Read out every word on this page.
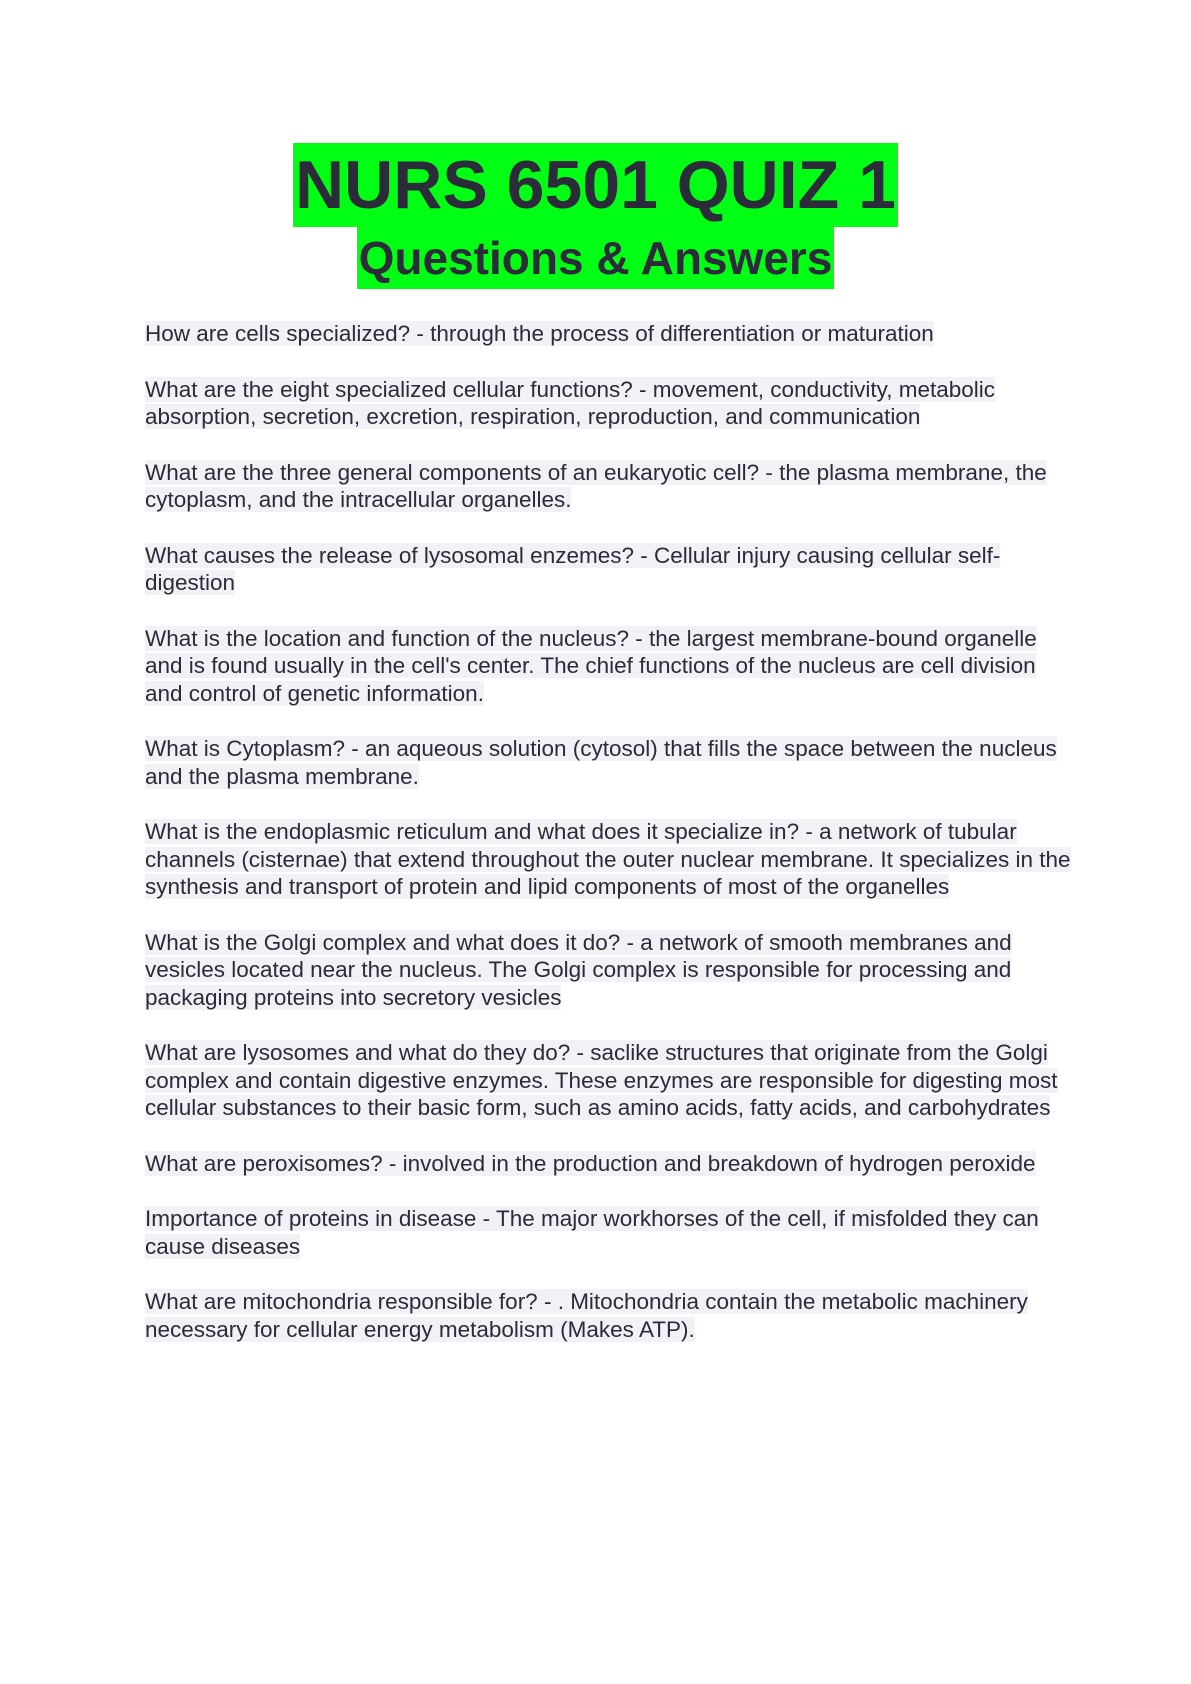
NURS 6501 QUIZ 1
Questions & Answers

How are cells specialized? - through the process of differentiation or maturation

What are the eight specialized cellular functions? - movement, conductivity, metabolic absorption, secretion, excretion, respiration, reproduction, and communication

What are the three general components of an eukaryotic cell? - the plasma membrane, the cytoplasm, and the intracellular organelles.

What causes the release of lysosomal enzemes? - Cellular injury causing cellular self-digestion

What is the location and function of the nucleus? - the largest membrane-bound organelle and is found usually in the cell's center. The chief functions of the nucleus are cell division and control of genetic information.

What is Cytoplasm? - an aqueous solution (cytosol) that fills the space between the nucleus and the plasma membrane.

What is the endoplasmic reticulum and what does it specialize in? - a network of tubular channels (cisternae) that extend throughout the outer nuclear membrane. It specializes in the synthesis and transport of protein and lipid components of most of the organelles

What is the Golgi complex and what does it do? - a network of smooth membranes and vesicles located near the nucleus. The Golgi complex is responsible for processing and packaging proteins into secretory vesicles

What are lysosomes and what do they do? - saclike structures that originate from the Golgi complex and contain digestive enzymes. These enzymes are responsible for digesting most cellular substances to their basic form, such as amino acids, fatty acids, and carbohydrates

What are peroxisomes? - involved in the production and breakdown of hydrogen peroxide

Importance of proteins in disease - The major workhorses of the cell, if misfolded they can cause diseases

What are mitochondria responsible for? - . Mitochondria contain the metabolic machinery necessary for cellular energy metabolism (Makes ATP).
